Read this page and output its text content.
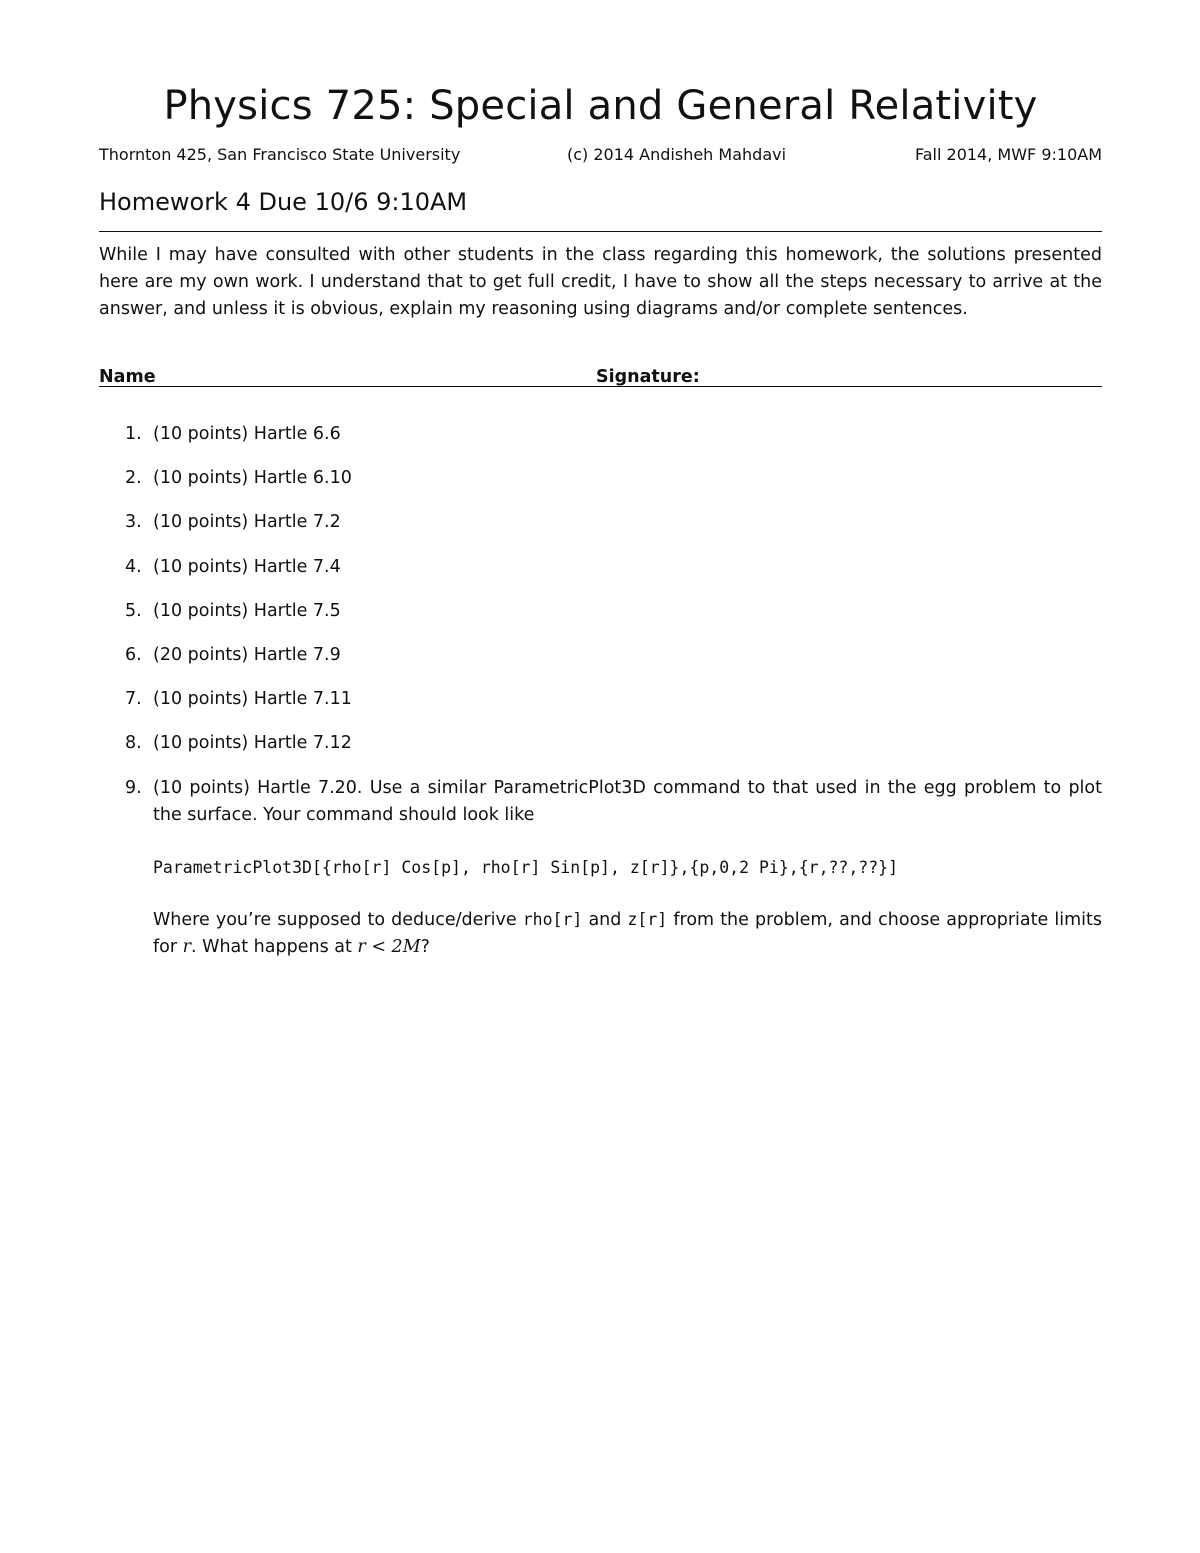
Physics 725: Special and General Relativity
Thornton 425, San Francisco State University	(c) 2014 Andisheh Mahdavi	Fall 2014, MWF 9:10AM
Homework 4 Due 10/6 9:10AM
While I may have consulted with other students in the class regarding this homework, the solutions presented here are my own work. I understand that to get full credit, I have to show all the steps necessary to arrive at the answer, and unless it is obvious, explain my reasoning using diagrams and/or complete sentences.
Name	Signature:
1. (10 points) Hartle 6.6
2. (10 points) Hartle 6.10
3. (10 points) Hartle 7.2
4. (10 points) Hartle 7.4
5. (10 points) Hartle 7.5
6. (20 points) Hartle 7.9
7. (10 points) Hartle 7.11
8. (10 points) Hartle 7.12
9. (10 points) Hartle 7.20. Use a similar ParametricPlot3D command to that used in the egg problem to plot the surface. Your command should look like
ParametricPlot3D[{rho[r] Cos[p], rho[r] Sin[p], z[r]},{p,0,2 Pi},{r,??,??}]
Where you’re supposed to deduce/derive rho[r] and z[r] from the problem, and choose appropriate limits for r. What happens at r < 2M?
